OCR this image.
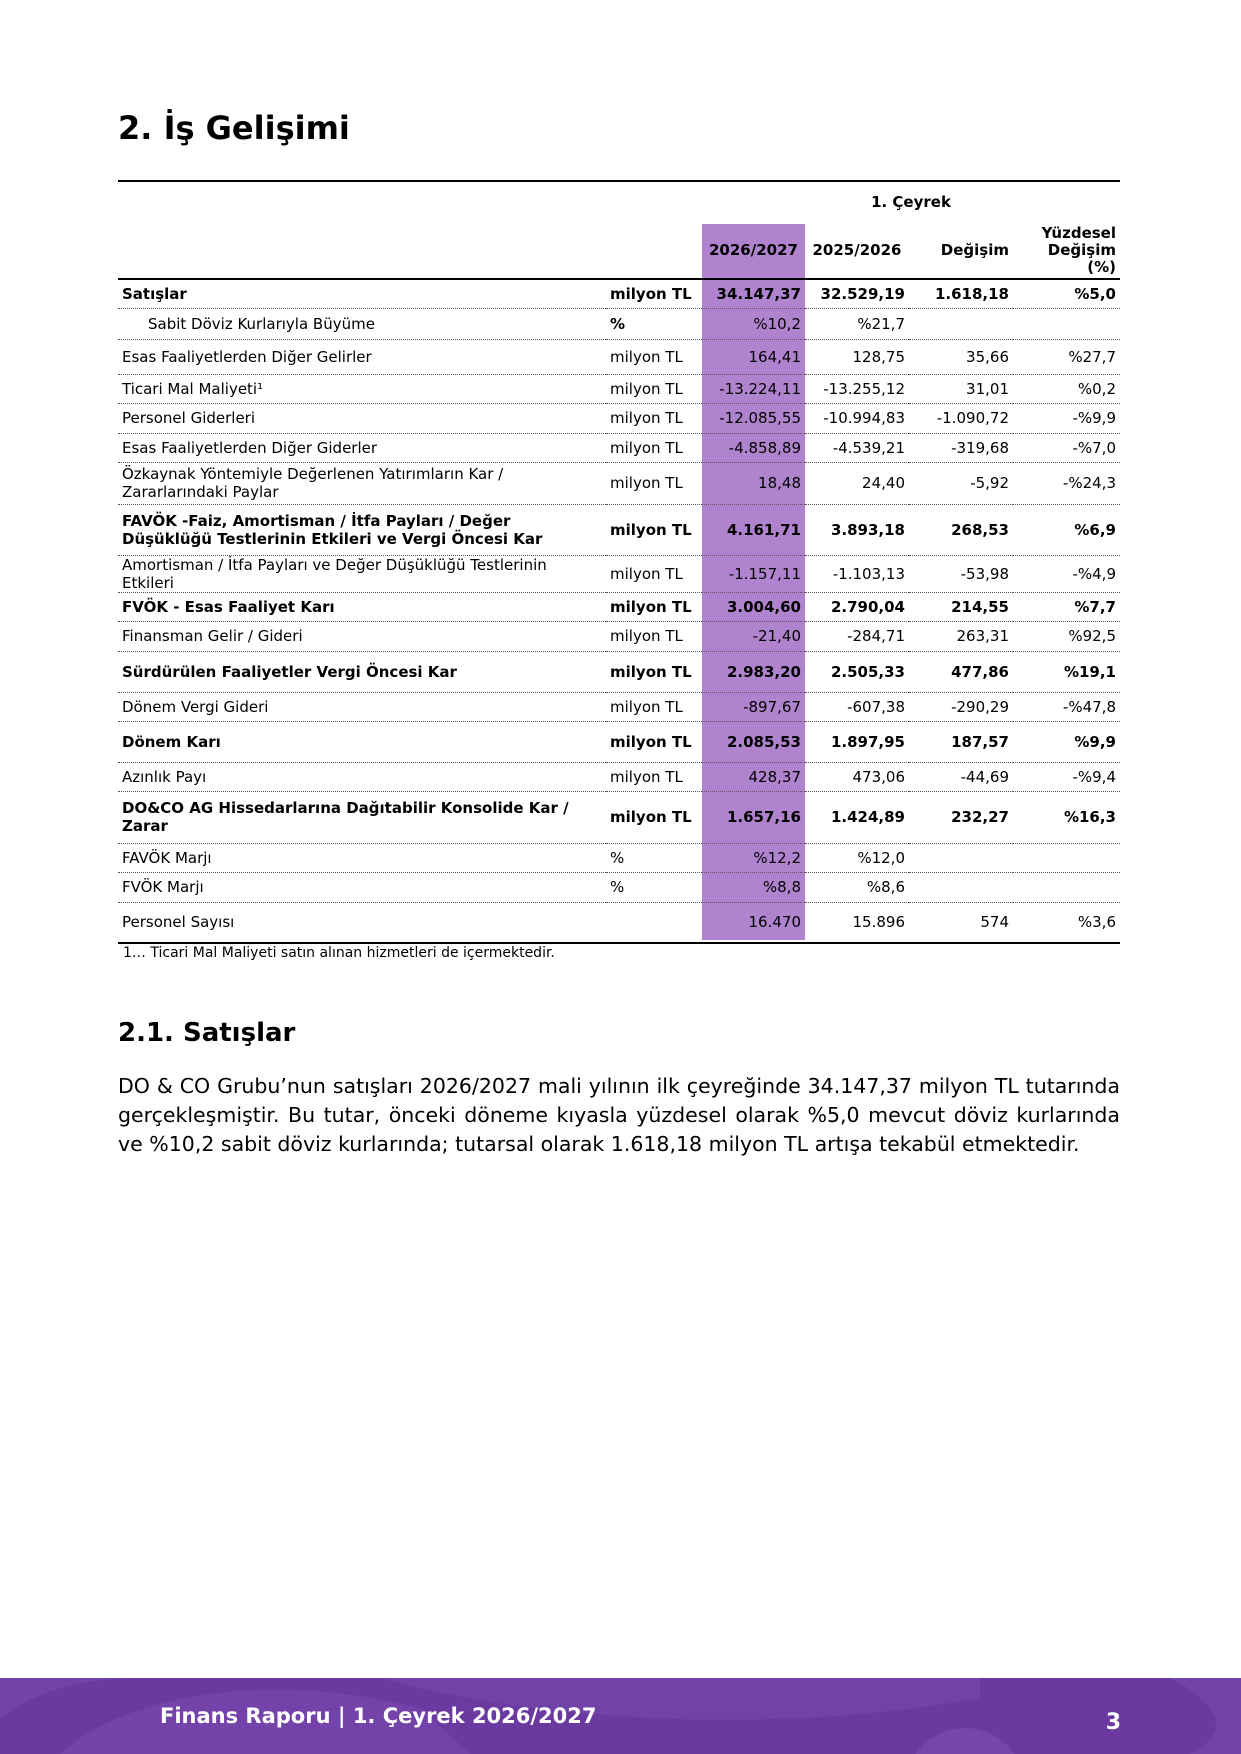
2. İş Gelişimi
		1. Çeyrek			
		2026/2027	2025/2026	Değişim	Yüzdesel Değişim (%)
Satışlar	milyon TL	34.147,37	32.529,19	1.618,18	%5,0
Sabit Döviz Kurlarıyla Büyüme	%	%10,2	%21,7		
Esas Faaliyetlerden Diğer Gelirler	milyon TL	164,41	128,75	35,66	%27,7
Ticari Mal Maliyeti¹	milyon TL	-13.224,11	-13.255,12	31,01	%0,2
Personel Giderleri	milyon TL	-12.085,55	-10.994,83	-1.090,72	-%9,9
Esas Faaliyetlerden Diğer Giderler	milyon TL	-4.858,89	-4.539,21	-319,68	-%7,0
Özkaynak Yöntemiyle Değerlenen Yatırımların Kar / Zararlarındaki Paylar	milyon TL	18,48	24,40	-5,92	-%24,3
FAVÖK -Faiz, Amortisman / İtfa Payları / Değer Düşüklüğü Testlerinin Etkileri ve Vergi Öncesi Kar	milyon TL	4.161,71	3.893,18	268,53	%6,9
Amortisman / İtfa Payları ve Değer Düşüklüğü Testlerinin Etkileri	milyon TL	-1.157,11	-1.103,13	-53,98	-%4,9
FVÖK - Esas Faaliyet Karı	milyon TL	3.004,60	2.790,04	214,55	%7,7
Finansman Gelir / Gideri	milyon TL	-21,40	-284,71	263,31	%92,5
Sürdürülen Faaliyetler Vergi Öncesi Kar	milyon TL	2.983,20	2.505,33	477,86	%19,1
Dönem Vergi Gideri	milyon TL	-897,67	-607,38	-290,29	-%47,8
Dönem Karı	milyon TL	2.085,53	1.897,95	187,57	%9,9
Azınlık Payı	milyon TL	428,37	473,06	-44,69	-%9,4
DO&CO AG Hissedarlarına Dağıtabilir Konsolide Kar / Zarar	milyon TL	1.657,16	1.424,89	232,27	%16,3
FAVÖK Marjı	%	%12,2	%12,0		
FVÖK Marjı	%	%8,8	%8,6		
Personel Sayısı		16.470	15.896	574	%3,6

1… Ticari Mal Maliyeti satın alınan hizmetleri de içermektedir.

2.1. Satışlar

DO & CO Grubu’nun satışları 2026/2027 mali yılının ilk çeyreğinde 34.147,37 milyon TL tutarında gerçekleşmiştir. Bu tutar, önceki döneme kıyasla yüzdesel olarak %5,0 mevcut döviz kurlarında ve %10,2 sabit döviz kurlarında; tutarsal olarak 1.618,18 milyon TL artışa tekabül etmektedir.

Finans Raporu | 1. Çeyrek 2026/2027	3
